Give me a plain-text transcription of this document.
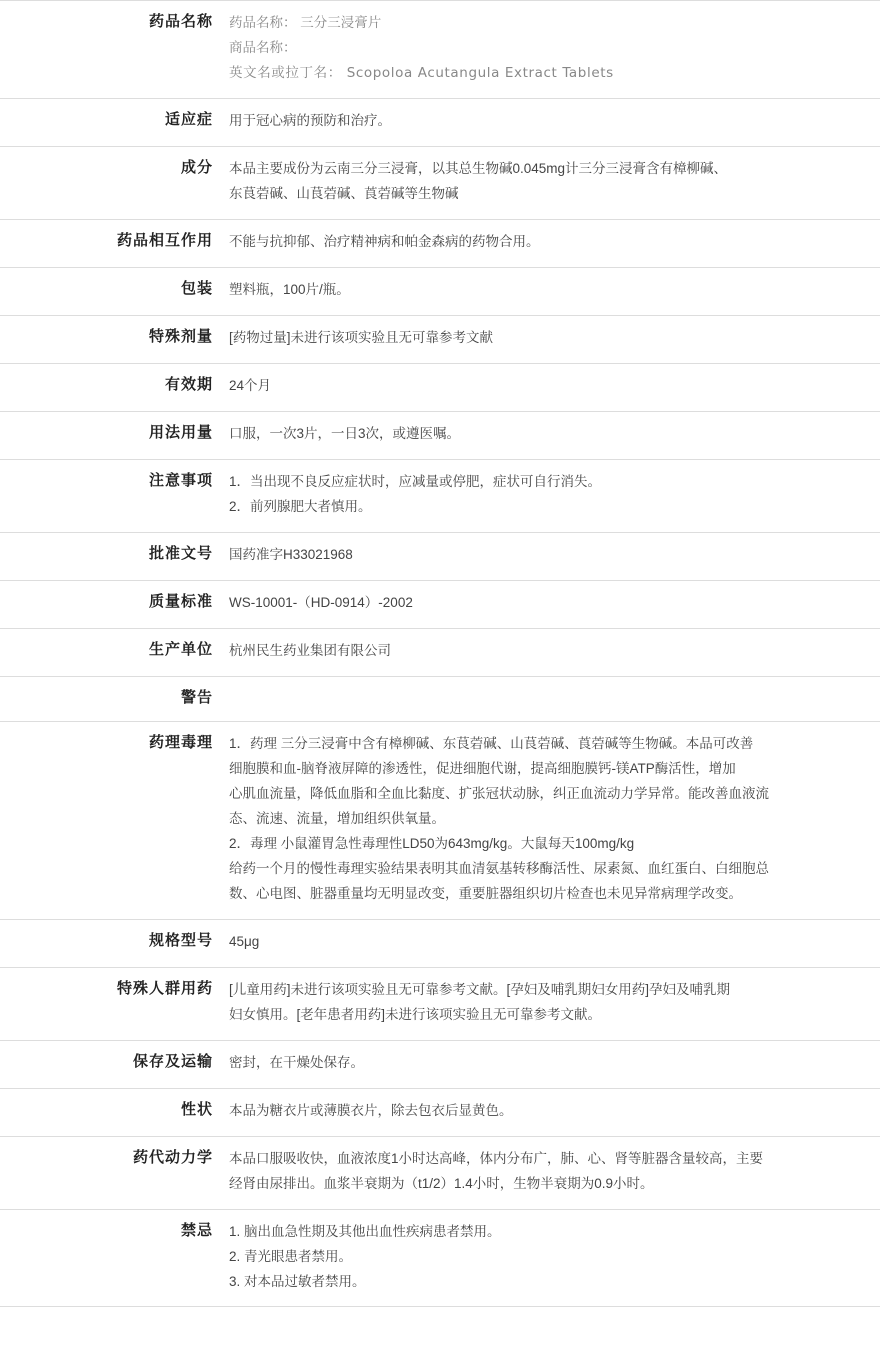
药品名称	药品名称： 三分三浸膏片
商品名称：
英文名或拉丁名： Scopoloa Acutangula Extract Tablets

适应症	用于冠心病的预防和治疗。

成分	本品主要成份为云南三分三浸膏，以其总生物碱0.045mg计三分三浸膏含有樟柳碱、
东茛菪碱、山茛菪碱、莨菪碱等生物碱

药品相互作用	不能与抗抑郁、治疗精神病和帕金森病的药物合用。

包装	塑料瓶，100片/瓶。

特殊剂量	[药物过量]未进行该项实验且无可靠参考文献

有效期	24个月

用法用量	口服，一次3片，一日3次，或遵医嘱。

注意事项	1．当出现不良反应症状时，应减量或停肥，症状可自行消失。
2．前列腺肥大者慎用。

批准文号	国药准字H33021968

质量标准	WS-10001-（HD-0914）-2002

生产单位	杭州民生药业集团有限公司

警告	

药理毒理	1．药理 三分三浸膏中含有樟柳碱、东茛菪碱、山茛菪碱、莨菪碱等生物碱。本品可改善
细胞膜和血-脑脊液屏障的渗透性，促进细胞代谢，提高细胞膜钙-镁ATP酶活性，增加
心肌血流量，降低血脂和全血比黏度、扩张冠状动脉，纠正血流动力学异常。能改善血液流
态、流速、流量，增加组织供氧量。
2．毒理 小鼠灌胃急性毒理性LD50为643mg/kg。大鼠每天100mg/kg
给药一个月的慢性毒理实验结果表明其血清氨基转移酶活性、尿素氮、血红蛋白、白细胞总
数、心电图、脏器重量均无明显改变，重要脏器组织切片检查也未见异常病理学改变。

规格型号	45μg

特殊人群用药	[儿童用药]未进行该项实验且无可靠参考文献。[孕妇及哺乳期妇女用药]孕妇及哺乳期
妇女慎用。[老年患者用药]未进行该项实验且无可靠参考文献。

保存及运输	密封，在干燥处保存。

性状	本品为糖衣片或薄膜衣片，除去包衣后显黄色。

药代动力学	本品口服吸收快，血液浓度1小时达高峰，体内分布广，肺、心、肾等脏器含量较高，主要
经肾由尿排出。血浆半衰期为（t1/2）1.4小时，生物半衰期为0.9小时。

禁忌	1. 脑出血急性期及其他出血性疾病患者禁用。
2. 青光眼患者禁用。
3. 对本品过敏者禁用。
